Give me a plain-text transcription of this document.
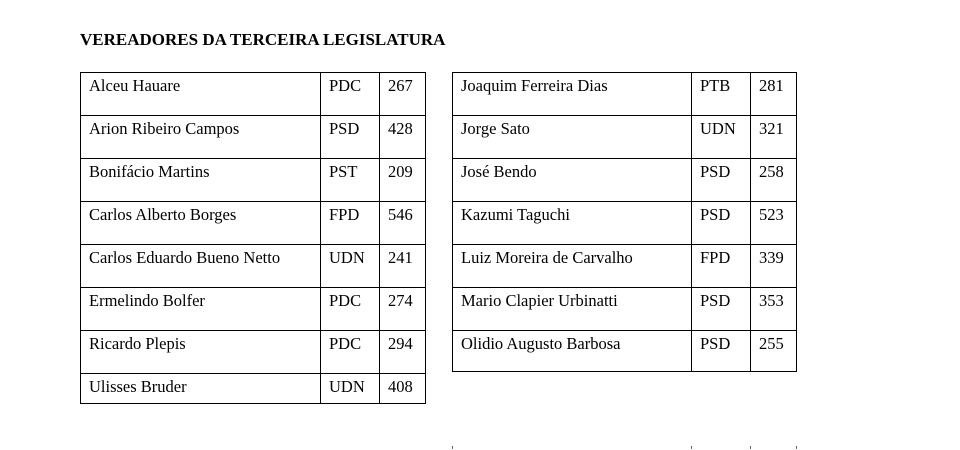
VEREADORES DA TERCEIRA LEGISLATURA
Alceu Hauare	PDC	267
Arion Ribeiro Campos	PSD	428
Bonifácio Martins	PST	209
Carlos Alberto Borges	FPD	546
Carlos Eduardo Bueno Netto	UDN	241
Ermelindo Bolfer	PDC	274
Ricardo Plepis	PDC	294
Ulisses Bruder	UDN	408
Joaquim Ferreira Dias	PTB	281
Jorge Sato	UDN	321
José Bendo	PSD	258
Kazumi Taguchi	PSD	523
Luiz Moreira de Carvalho	FPD	339
Mario Clapier Urbinatti	PSD	353
Olidio Augusto Barbosa	PSD	255
